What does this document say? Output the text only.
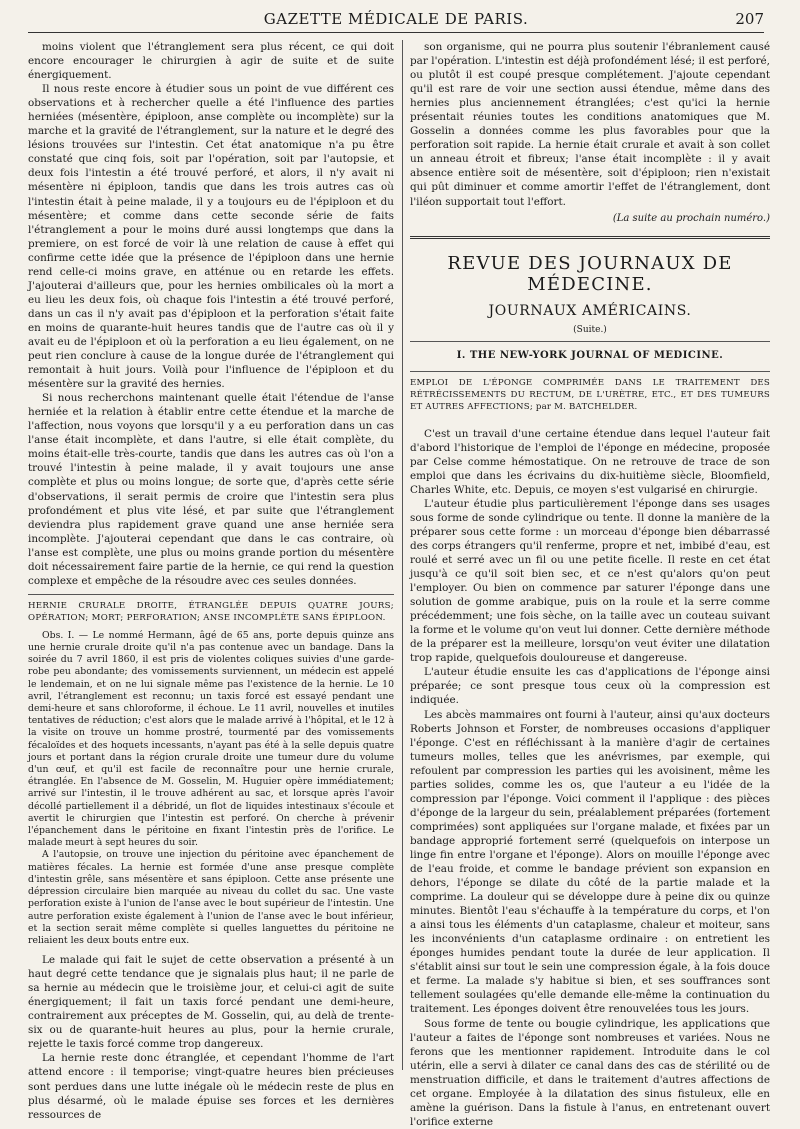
GAZETTE MÉDICALE DE PARIS.	207

moins violent que l'étranglement sera plus récent, ce qui doit encore encourager le chirurgien à agir de suite et de suite énergiquement.

Il nous reste encore à étudier sous un point de vue différent ces observations et à rechercher quelle a été l'influence des parties herniées (mésentère, épiploon, anse complète ou incomplète) sur la marche et la gravité de l'étranglement, sur la nature et le degré des lésions trouvées sur l'intestin. Cet état anatomique n'a pu être constaté que cinq fois, soit par l'opération, soit par l'autopsie, et deux fois l'intestin a été trouvé perforé, et alors, il n'y avait ni mésentère ni épiploon, tandis que dans les trois autres cas où l'intestin était à peine malade, il y a toujours eu de l'épiploon et du mésentère; et comme dans cette seconde série de faits l'étranglement a pour le moins duré aussi longtemps que dans la premiere, on est forcé de voir là une relation de cause à effet qui confirme cette idée que la présence de l'épiploon dans une hernie rend celle-ci moins grave, en atténue ou en retarde les effets. J'ajouterai d'ailleurs que, pour les hernies ombilicales où la mort a eu lieu les deux fois, où chaque fois l'intestin a été trouvé perforé, dans un cas il n'y avait pas d'épiploon et la perforation s'était faite en moins de quarante-huit heures tandis que de l'autre cas où il y avait eu de l'épiploon et où la perforation a eu lieu également, on ne peut rien conclure à cause de la longue durée de l'étranglement qui remontait à huit jours. Voilà pour l'influence de l'épiploon et du mésentère sur la gravité des hernies.

Si nous recherchons maintenant quelle était l'étendue de l'anse herniée et la relation à établir entre cette étendue et la marche de l'affection, nous voyons que lorsqu'il y a eu perforation dans un cas l'anse était incomplète, et dans l'autre, si elle était complète, du moins était-elle très-courte, tandis que dans les autres cas où l'on a trouvé l'intestin à peine malade, il y avait toujours une anse complète et plus ou moins longue; de sorte que, d'après cette série d'observations, il serait permis de croire que l'intestin sera plus profondément et plus vite lésé, et par suite que l'étranglement deviendra plus rapidement grave quand une anse herniée sera incomplète. J'ajouterai cependant que dans le cas contraire, où l'anse est complète, une plus ou moins grande portion du mésentère doit nécessairement faire partie de la hernie, ce qui rend la question complexe et empêche de la résoudre avec ces seules données.

HERNIE CRURALE DROITE, ÉTRANGLÉE DEPUIS QUATRE JOURS; OPÉRATION; MORT; PERFORATION; ANSE INCOMPLÈTE SANS ÉPIPLOON.

Obs. I. — Le nommé Hermann, âgé de 65 ans, porte depuis quinze ans une hernie crurale droite qu'il n'a pas contenue avec un bandage. Dans la soirée du 7 avril 1860, il est pris de violentes coliques suivies d'une garde-robe peu abondante; des vomissements surviennent, un médecin est appelé le lendemain, et on ne lui signale même pas l'existence de la hernie. Le 10 avril, l'étranglement est reconnu; un taxis forcé est essayé pendant une demi-heure et sans chloroforme, il échoue. Le 11 avril, nouvelles et inutiles tentatives de réduction; c'est alors que le malade arrivé à l'hôpital, et le 12 à la visite on trouve un homme prostré, tourmenté par des vomissements fécaloïdes et des hoquets incessants, n'ayant pas été à la selle depuis quatre jours et portant dans la région crurale droite une tumeur dure du volume d'un œuf, et qu'il est facile de reconnaître pour une hernie crurale, étranglée. En l'absence de M. Gosselin, M. Huguier opère immédiatement; arrivé sur l'intestin, il le trouve adhérent au sac, et lorsque après l'avoir décollé partiellement il a débridé, un flot de liquides intestinaux s'écoule et avertit le chirurgien que l'intestin est perforé. On cherche à prévenir l'épanchement dans le péritoine en fixant l'intestin près de l'orifice. Le malade meurt à sept heures du soir.

A l'autopsie, on trouve une injection du péritoine avec épanchement de matières fécales. La hernie est formée d'une anse presque complète d'intestin grêle, sans mésentère et sans épiploon. Cette anse présente une dépression circulaire bien marquée au niveau du collet du sac. Une vaste perforation existe à l'union de l'anse avec le bout supérieur de l'intestin. Une autre perforation existe également à l'union de l'anse avec le bout inférieur, et la section serait même complète si quelles languettes du péritoine ne reliaient les deux bouts entre eux.

Le malade qui fait le sujet de cette observation a présenté à un haut degré cette tendance que je signalais plus haut; il ne parle de sa hernie au médecin que le troisième jour, et celui-ci agit de suite énergiquement; il fait un taxis forcé pendant une demi-heure, contrairement aux préceptes de M. Gosselin, qui, au delà de trente-six ou de quarante-huit heures au plus, pour la hernie crurale, rejette le taxis forcé comme trop dangereux.

La hernie reste donc étranglée, et cependant l'homme de l'art attend encore : il temporise; vingt-quatre heures bien précieuses sont perdues dans une lutte inégale où le médecin reste de plus en plus désarmé, où le malade épuise ses forces et les dernières ressources de

son organisme, qui ne pourra plus soutenir l'ébranlement causé par l'opération. L'intestin est déjà profondément lésé; il est perforé, ou plutôt il est coupé presque complétement. J'ajoute cependant qu'il est rare de voir une section aussi étendue, même dans des hernies plus anciennement étranglées; c'est qu'ici la hernie présentait réunies toutes les conditions anatomiques que M. Gosselin a données comme les plus favorables pour que la perforation soit rapide. La hernie était crurale et avait à son collet un anneau étroit et fibreux; l'anse était incomplète : il y avait absence entière soit de mésentère, soit d'épiploon; rien n'existait qui pût diminuer et comme amortir l'effet de l'étranglement, dont l'iléon supportait tout l'effort.

(La suite au prochain numéro.)

REVUE DES JOURNAUX DE MÉDECINE.
JOURNAUX AMÉRICAINS.
(Suite.)
I. THE NEW-YORK JOURNAL OF MEDICINE.

EMPLOI DE L'ÉPONGE COMPRIMÉE DANS LE TRAITEMENT DES RÉTRÉCISSEMENTS DU RECTUM, DE L'URÈTRE, ETC., ET DES TUMEURS ET AUTRES AFFECTIONS; par M. BATCHELDER.

C'est un travail d'une certaine étendue dans lequel l'auteur fait d'abord l'historique de l'emploi de l'éponge en médecine, proposée par Celse comme hémostatique. On ne retrouve de trace de son emploi que dans les écrivains du dix-huitième siècle, Bloomfield, Charles White, etc. Depuis, ce moyen s'est vulgarisé en chirurgie.

L'auteur étudie plus particulièrement l'éponge dans ses usages sous forme de sonde cylindrique ou tente. Il donne la manière de la préparer sous cette forme : un morceau d'éponge bien débarrassé des corps étrangers qu'il renferme, propre et net, imbibé d'eau, est roulé et serré avec un fil ou une petite ficelle. Il reste en cet état jusqu'à ce qu'il soit bien sec, et ce n'est qu'alors qu'on peut l'employer. Ou bien on commence par saturer l'éponge dans une solution de gomme arabique, puis on la roule et la serre comme précédemment; une fois sèche, on la taille avec un couteau suivant la forme et le volume qu'on veut lui donner. Cette dernière méthode de la préparer est la meilleure, lorsqu'on veut éviter une dilatation trop rapide, quelquefois douloureuse et dangereuse.

L'auteur étudie ensuite les cas d'applications de l'éponge ainsi préparée; ce sont presque tous ceux où la compression est indiquée.

Les abcès mammaires ont fourni à l'auteur, ainsi qu'aux docteurs Roberts Johnson et Forster, de nombreuses occasions d'appliquer l'éponge. C'est en réfléchissant à la manière d'agir de certaines tumeurs molles, telles que les anévrismes, par exemple, qui refoulent par compression les parties qui les avoisinent, même les parties solides, comme les os, que l'auteur a eu l'idée de la compression par l'éponge. Voici comment il l'applique : des pièces d'éponge de la largeur du sein, préalablement préparées (fortement comprimées) sont appliquées sur l'organe malade, et fixées par un bandage approprié fortement serré (quelquefois on interpose un linge fin entre l'organe et l'éponge). Alors on mouille l'éponge avec de l'eau froide, et comme le bandage prévient son expansion en dehors, l'éponge se dilate du côté de la partie malade et la comprime. La douleur qui se développe dure à peine dix ou quinze minutes. Bientôt l'eau s'échauffe à la température du corps, et l'on a ainsi tous les éléments d'un cataplasme, chaleur et moiteur, sans les inconvénients d'un cataplasme ordinaire : on entretient les éponges humides pendant toute la durée de leur application. Il s'établit ainsi sur tout le sein une compression égale, à la fois douce et ferme. La malade s'y habitue si bien, et ses souffrances sont tellement soulagées qu'elle demande elle-même la continuation du traitement. Les éponges doivent être renouvelées tous les jours.

Sous forme de tente ou bougie cylindrique, les applications que l'auteur a faites de l'éponge sont nombreuses et variées. Nous ne ferons que les mentionner rapidement. Introduite dans le col utérin, elle a servi à dilater ce canal dans des cas de stérilité ou de menstruation difficile, et dans le traitement d'autres affections de cet organe. Employée à la dilatation des sinus fistuleux, elle en amène la guérison. Dans la fistule à l'anus, en entretenant ouvert l'orifice externe
